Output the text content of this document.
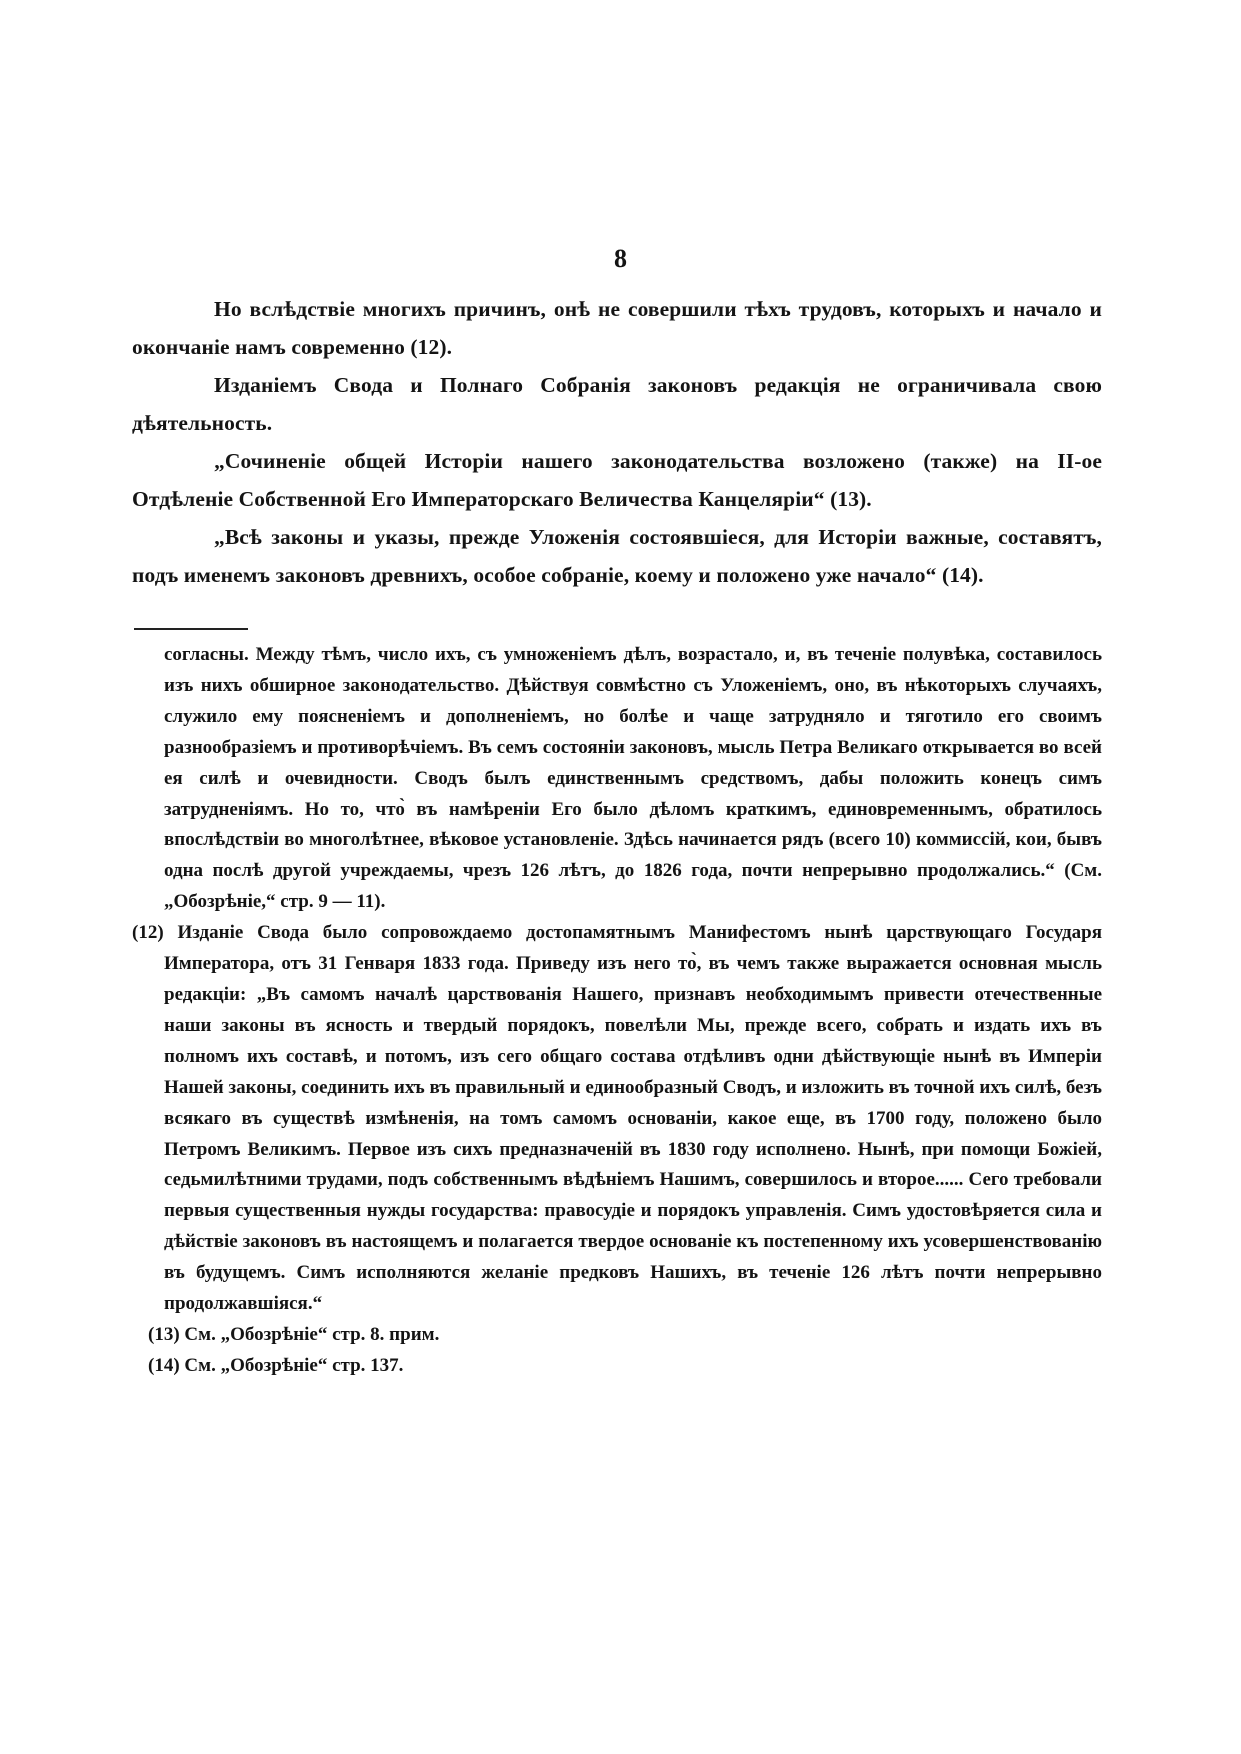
8

Но вслѣдствіе многихъ причинъ, онѣ не совершили тѣхъ трудовъ, которыхъ и начало и окончаніе намъ современно (12).

Изданіемъ Свода и Полнаго Собранія законовъ редакція не ограничивала свою дѣятельность.

„Сочиненіе общей Исторіи нашего законодательства возложено (также) на II-ое Отдѣленіе Собственной Его Императорскаго Величества Канцеляріи“ (13).

„Всѣ законы и указы, прежде Уложенія состоявшіеся, для Исторіи важные, составятъ, подъ именемъ законовъ древнихъ, особое собраніе, коему и положено уже начало“ (14).

согласны. Между тѣмъ, число ихъ, съ умноженіемъ дѣлъ, возрастало, и, въ теченіе полувѣка, составилось изъ нихъ обширное законодательство. Дѣйствуя совмѣстно съ Уложеніемъ, оно, въ нѣкоторыхъ случаяхъ, служило ему поясненіемъ и дополненіемъ, но болѣе и чаще затрудняло и тяготило его своимъ разнообразіемъ и противорѣчіемъ. Въ семъ состояніи законовъ, мысль Петра Великаго открывается во всей ея силѣ и очевидности. Сводъ былъ единственнымъ средствомъ, дабы положить конецъ симъ затрудненіямъ. Но то, что̀ въ намѣреніи Его было дѣломъ краткимъ, единовременнымъ, обратилось впослѣдствіи во многолѣтнее, вѣковое установленіе. Здѣсь начинается рядъ (всего 10) коммиссій, кои, бывъ одна послѣ другой учреждаемы, чрезъ 126 лѣтъ, до 1826 года, почти непрерывно продолжались.“ (См. „Обозрѣніе,“ стр. 9 — 11).

(12) Изданіе Свода было сопровождаемо достопамятнымъ Манифестомъ нынѣ царствующаго Государя Императора, отъ 31 Генваря 1833 года. Приведу изъ него то̀, въ чемъ также выражается основная мысль редакціи: „Въ самомъ началѣ царствованія Нашего, признавъ необходимымъ привести отечественные наши законы въ ясность и твердый порядокъ, повелѣли Мы, прежде всего, собрать и издать ихъ въ полномъ ихъ составѣ, и потомъ, изъ сего общаго состава отдѣливъ одни дѣйствующіе нынѣ въ Имперіи Нашей законы, соединить ихъ въ правильный и единообразный Сводъ, и изложить въ точной ихъ силѣ, безъ всякаго въ существѣ измѣненія, на томъ самомъ основаніи, какое еще, въ 1700 году, положено было Петромъ Великимъ. Первое изъ сихъ предназначеній въ 1830 году исполнено. Нынѣ, при помощи Божіей, седьмилѣтними трудами, подъ собственнымъ вѣдѣніемъ Нашимъ, совершилось и второе...... Сего требовали первыя существенныя нужды государства: правосудіе и порядокъ управленія. Симъ удостовѣряется сила и дѣйствіе законовъ въ настоящемъ и полагается твердое основаніе къ постепенному ихъ усовершенствованію въ будущемъ. Симъ исполняются желаніе предковъ Нашихъ, въ теченіе 126 лѣтъ почти непрерывно продолжавшіяся.“

(13) См. „Обозрѣніе“ стр. 8. прим.

(14) См. „Обозрѣніе“ стр. 137.
